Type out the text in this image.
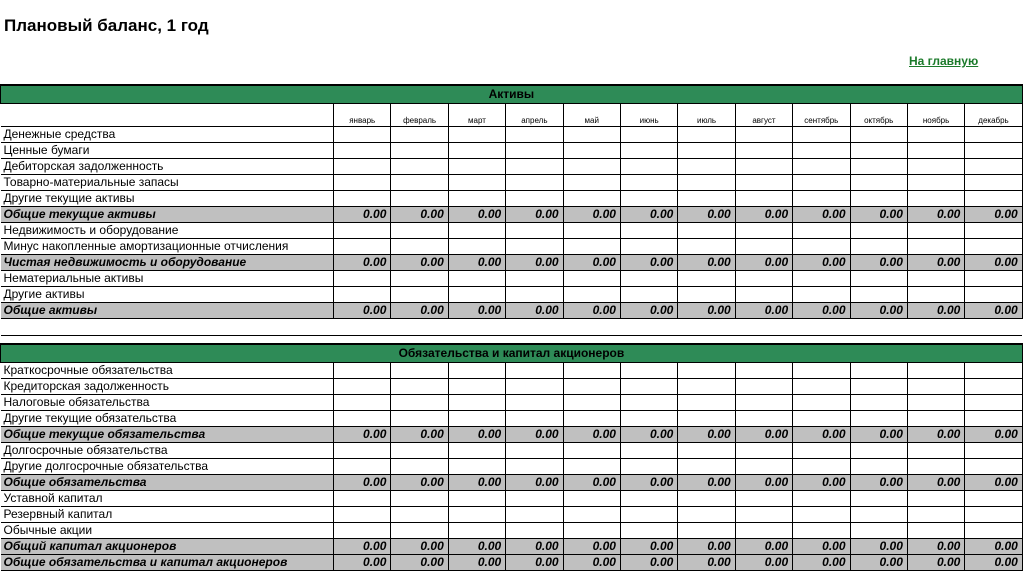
Плановый баланс, 1 год
На главную
Активы												
	январь	февраль	март	апрель	май	июнь	июль	август	сентябрь	октябрь	ноябрь	декабрь
Денежные средства												
Ценные бумаги												
Дебиторская задолженность												
Товарно-материальные запасы												
Другие текущие активы												
Общие текущие активы	0.00	0.00	0.00	0.00	0.00	0.00	0.00	0.00	0.00	0.00	0.00	0.00
Недвижимость и оборудование												
Минус накопленные амортизационные отчисления												
Чистая недвижимость и оборудование	0.00	0.00	0.00	0.00	0.00	0.00	0.00	0.00	0.00	0.00	0.00	0.00
Нематериальные активы												
Другие активы												
Общие активы	0.00	0.00	0.00	0.00	0.00	0.00	0.00	0.00	0.00	0.00	0.00	0.00

Обязательства и капитал акционеров												
Краткосрочные обязательства												
Кредиторская задолженность												
Налоговые обязательства												
Другие текущие обязательства												
Общие текущие обязательства	0.00	0.00	0.00	0.00	0.00	0.00	0.00	0.00	0.00	0.00	0.00	0.00
Долгосрочные обязательства												
Другие долгосрочные обязательства												
Общие обязательства	0.00	0.00	0.00	0.00	0.00	0.00	0.00	0.00	0.00	0.00	0.00	0.00
Уставной капитал												
Резервный капитал												
Обычные акции												
Общий капитал акционеров	0.00	0.00	0.00	0.00	0.00	0.00	0.00	0.00	0.00	0.00	0.00	0.00
Общие обязательства и капитал акционеров	0.00	0.00	0.00	0.00	0.00	0.00	0.00	0.00	0.00	0.00	0.00	0.00
